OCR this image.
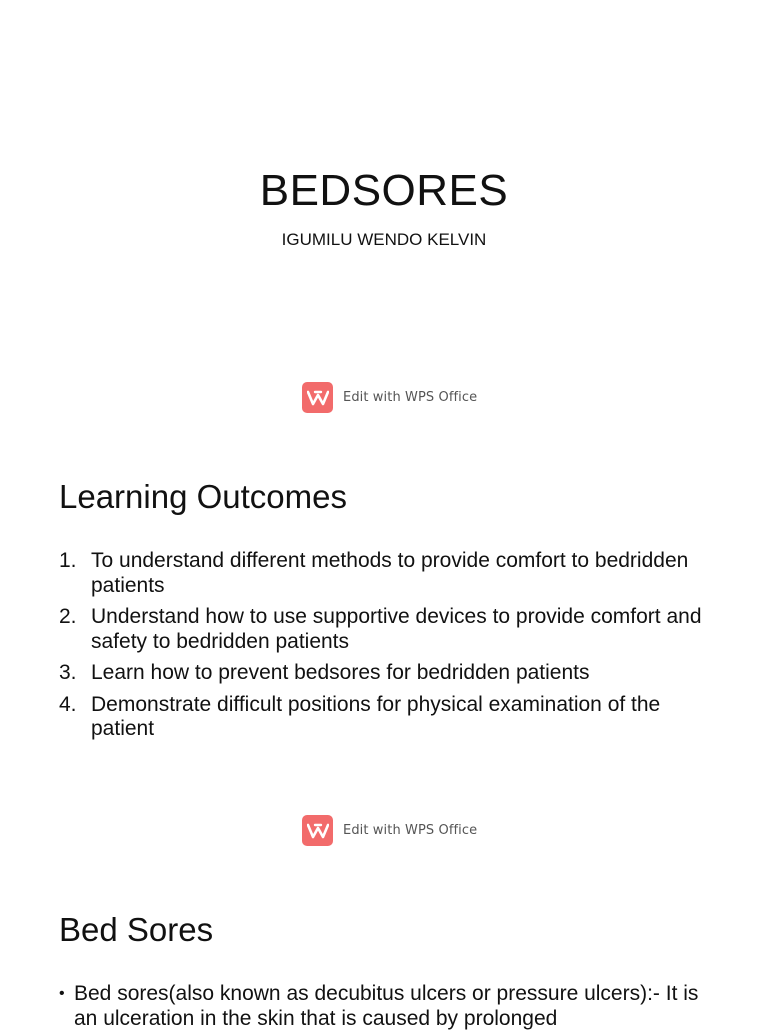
BEDSORES

IGUMILU WENDO KELVIN

Edit with WPS Office
Learning Outcomes
1. To understand different methods to provide comfort to bedridden patients
2. Understand how to use supportive devices to provide comfort and safety to bedridden patients
3. Learn how to prevent bedsores for bedridden patients
4. Demonstrate difficult positions for physical examination of the patient
Edit with WPS Office
Bed Sores
• Bed sores(also known as decubitus ulcers or pressure ulcers):- It is an ulceration in the skin that is caused by prolonged
